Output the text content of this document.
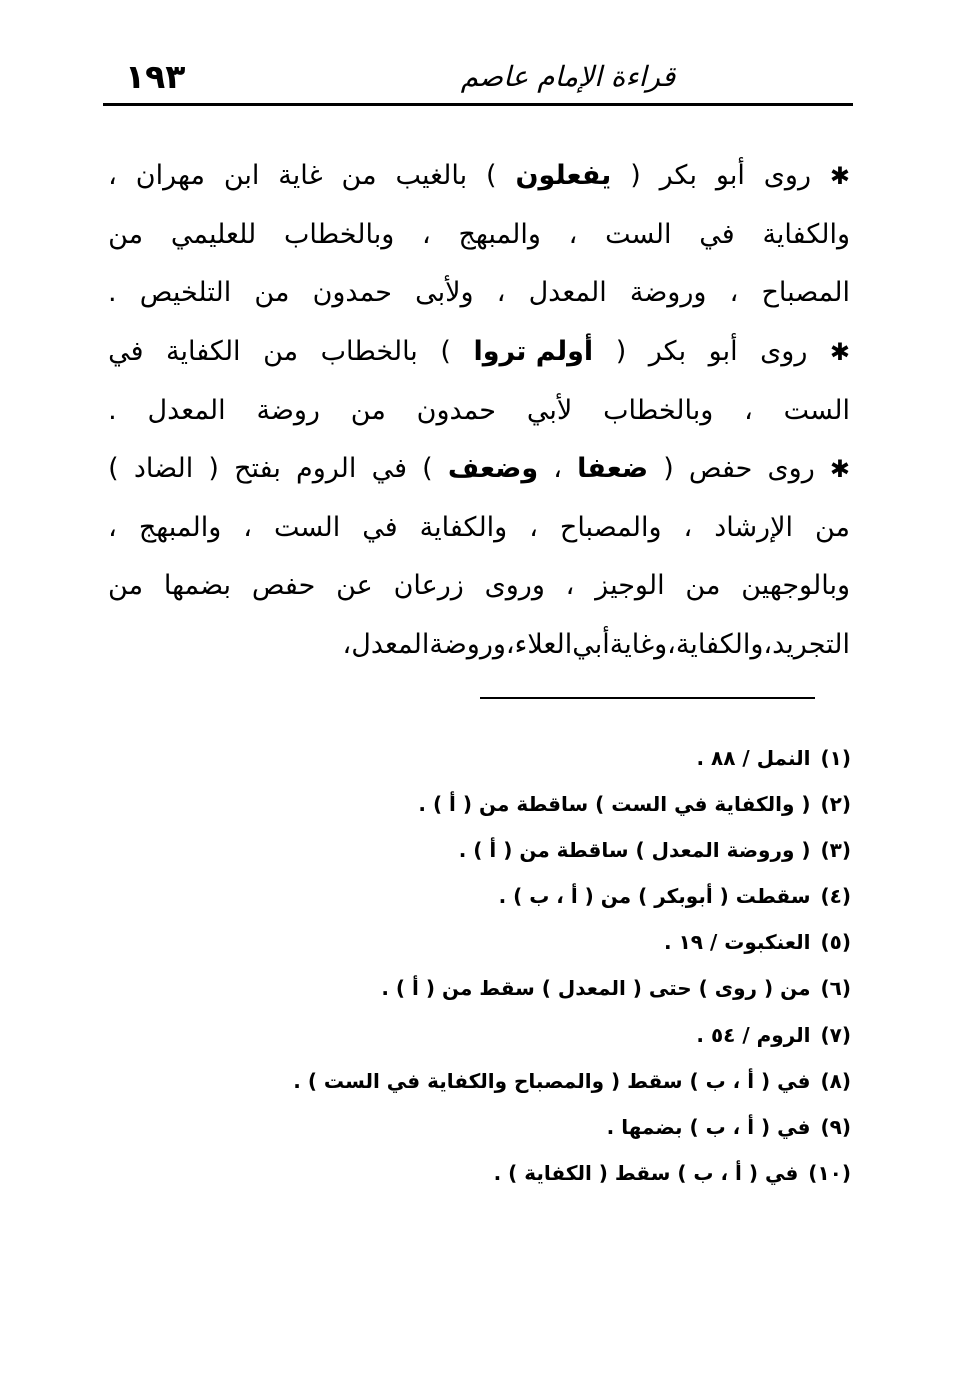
١٩٣	قراءة الإمام عاصم
✱
روى
أبو
بكر
(
يفعلون
)
بالغيب
من
غاية
ابن
مهران
،
والكفاية
في
الست
،
والمبهج
،
وبالخطاب
للعليمي
من
المصباح
،
وروضة
المعدل
،
ولأبى
حمدون
من
التلخيص
.
✱
روى
أبو
بكر
(
أولم تروا
)
بالخطاب
من
الكفاية
في
الست
،
وبالخطاب
لأبي
حمدون
من
روضة
المعدل
.
✱
روى
حفص
(
ضعفا
،
وضعف
)
في
الروم
بفتح
(
الضاد
)
من
الإرشاد
،
والمصباح
،
والكفاية
في
الست
،
والمبهج
،
وبالوجهين
من
الوجيز
،
وروى
زرعان
عن
حفص
بضمها
من
التجريد
،
والكفاية
،
وغاية
أبي
العلاء
،
وروضة
المعدل
،
(١)النمل / ٨٨ .
(٢)( والكفاية في الست ) ساقطة من ( أ ) .
(٣)( وروضة المعدل ) ساقطة من ( أ ) .
(٤)سقطت ( أبوبكر ) من ( أ ، ب ) .
(٥)العنكبوت / ١٩ .
(٦)من ( روى ) حتى ( المعدل ) سقط من ( أ ) .
(٧)الروم / ٥٤ .
(٨)في ( أ ، ب ) سقط ( والمصباح والكفاية في الست ) .
(٩)في ( أ ، ب ) بضمها .
(١٠)في ( أ ، ب ) سقط ( الكفاية ) .
